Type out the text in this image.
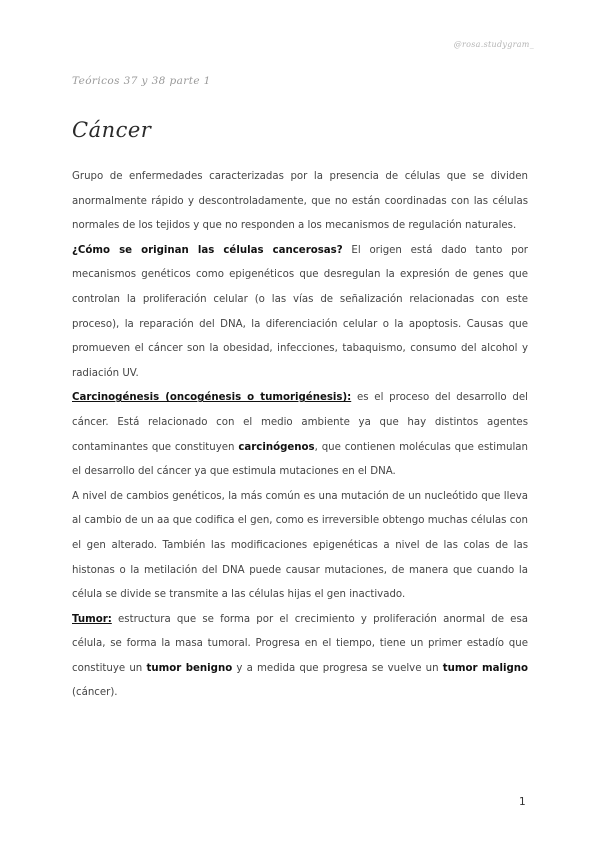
@rosa.studygram_
Teóricos 37 y 38 parte 1
Cáncer

Grupo de enfermedades caracterizadas por la presencia de células que se dividen anormalmente rápido y descontroladamente, que no están coordinadas con las células normales de los tejidos y que no responden a los mecanismos de regulación naturales.

¿Cómo se originan las células cancerosas? El origen está dado tanto por mecanismos genéticos como epigenéticos que desregulan la expresión de genes que controlan la proliferación celular (o las vías de señalización relacionadas con este proceso), la reparación del DNA, la diferenciación celular o la apoptosis. Causas que promueven el cáncer son la obesidad, infecciones, tabaquismo, consumo del alcohol y radiación UV.

Carcinogénesis (oncogénesis o tumorigénesis): es el proceso del desarrollo del cáncer. Está relacionado con el medio ambiente ya que hay distintos agentes contaminantes que constituyen carcinógenos, que contienen moléculas que estimulan el desarrollo del cáncer ya que estimula mutaciones en el DNA.

A nivel de cambios genéticos, la más común es una mutación de un nucleótido que lleva al cambio de un aa que codifica el gen, como es irreversible obtengo muchas células con el gen alterado. También las modificaciones epigenéticas a nivel de las colas de las histonas o la metilación del DNA puede causar mutaciones, de manera que cuando la célula se divide se transmite a las células hijas el gen inactivado.

Tumor: estructura que se forma por el crecimiento y proliferación anormal de esa célula, se forma la masa tumoral. Progresa en el tiempo, tiene un primer estadío que constituye un tumor benigno y a medida que progresa se vuelve un tumor maligno (cáncer).

1
